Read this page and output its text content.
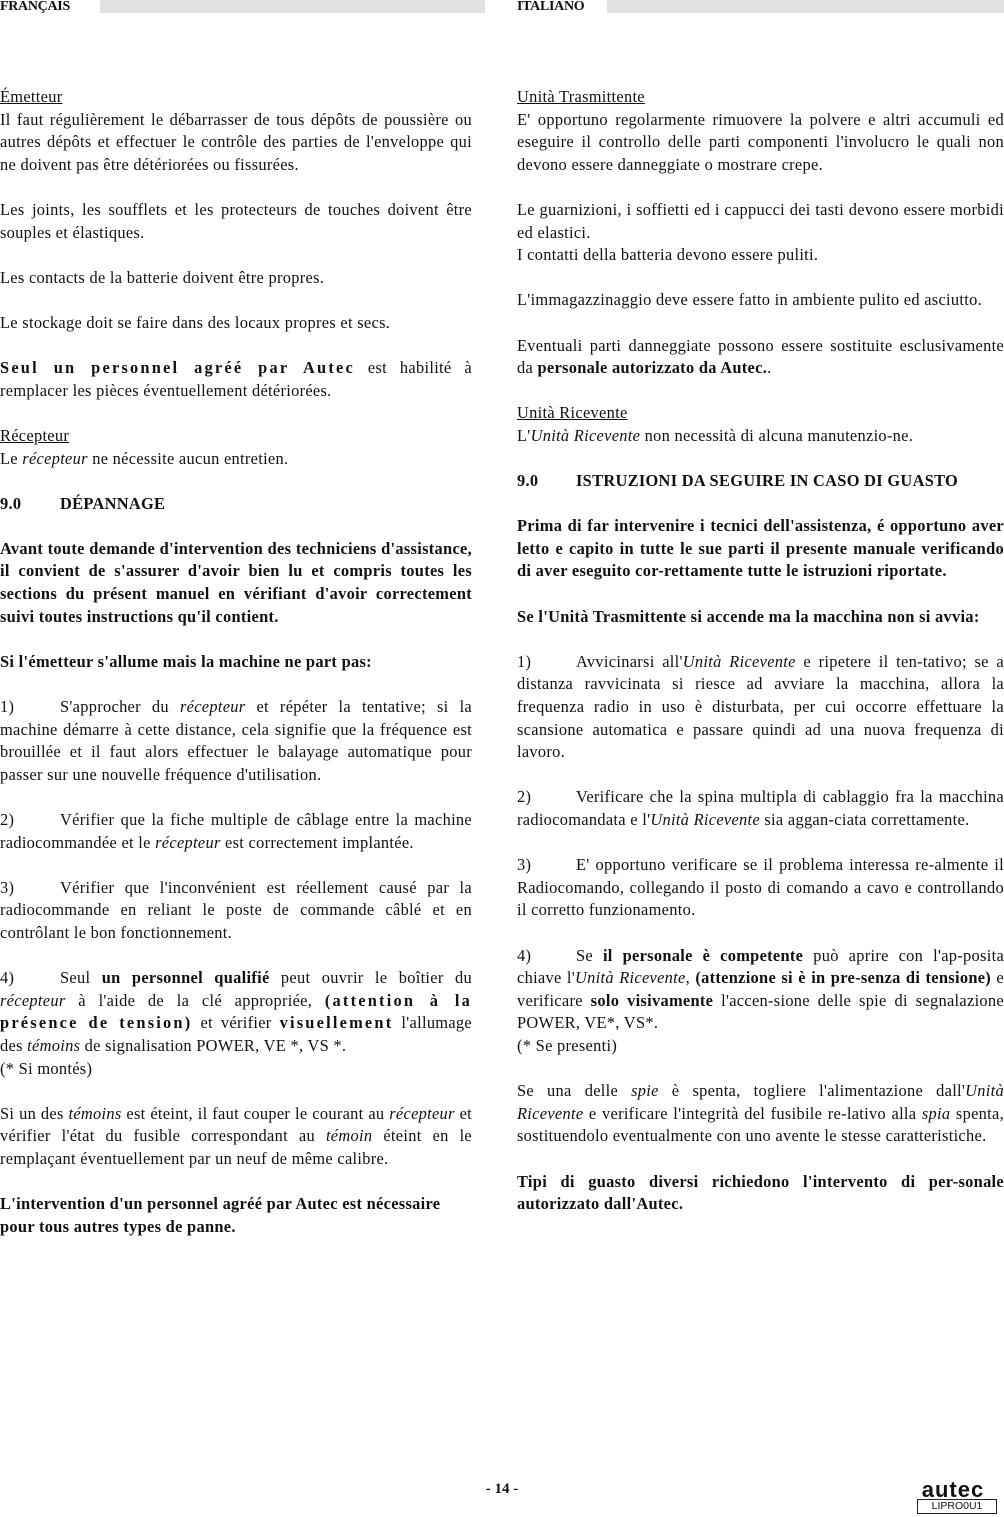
FRANÇAIS	ITALIANO

Émetteur

Il faut régulièrement le débarrasser de tous dépôts de poussière ou autres dépôts et effectuer le contrôle des parties de l'enveloppe qui ne doivent pas être détériorées ou fissurées.

Les joints, les soufflets et les protecteurs de touches doivent être souples et élastiques.

Les contacts de la batterie doivent être propres.

Le stockage doit se faire dans des locaux propres et secs.

Seul un personnel agréé par Autec est habilité à remplacer les pièces éventuellement détériorées.

Récepteur

Le récepteur ne nécessite aucun entretien.

9.0	DÉPANNAGE

Avant toute demande d'intervention des techniciens d'assistance, il convient de s'assurer d'avoir bien lu et compris toutes les sections du présent manuel en vérifiant d'avoir correctement suivi toutes instructions qu'il contient.

Si l'émetteur s'allume mais la machine ne part pas:

1)	S'approcher du récepteur et répéter la tentative; si la machine démarre à cette distance, cela signifie que la fréquence est brouillée et il faut alors effectuer le balayage automatique pour passer sur une nouvelle fréquence d'utilisation.

2)	Vérifier que la fiche multiple de câblage entre la machine radiocommandée et le récepteur est correctement implantée.

3)	Vérifier que l'inconvénient est réellement causé par la radiocommande en reliant le poste de commande câblé et en contrôlant le bon fonctionnement.

4)	Seul un personnel qualifié peut ouvrir le boîtier du récepteur à l'aide de la clé appropriée, (attention à la présence de tension) et vérifier visuellement l'allumage des témoins de signalisation POWER, VE *, VS *.

(* Si montés)

Si un des témoins est éteint, il faut couper le courant au récepteur et vérifier l'état du fusible correspondant au témoin éteint en le remplaçant éventuellement par un neuf de même calibre.

L'intervention d'un personnel agréé par Autec est nécessaire pour tous autres types de panne.

Unità Trasmittente

E' opportuno regolarmente rimuovere la polvere e altri accumuli ed eseguire il controllo delle parti componenti l'involucro le quali non devono essere danneggiate o mostrare crepe.

Le guarnizioni, i soffietti ed i cappucci dei tasti devono essere morbidi ed elastici.

I contatti della batteria devono essere puliti.

L'immagazzinaggio deve essere fatto in ambiente pulito ed asciutto.

Eventuali parti danneggiate possono essere sostituite esclusivamente da personale autorizzato da Autec..

Unità Ricevente

L'Unità Ricevente non necessità di alcuna manutenzio-ne.

9.0	ISTRUZIONI DA SEGUIRE IN CASO DI GUASTO

Prima di far intervenire i tecnici dell'assistenza, é opportuno aver letto e capito in tutte le sue parti il presente manuale verificando di aver eseguito cor-rettamente tutte le istruzioni riportate.

Se l'Unità Trasmittente si accende ma la macchina non si avvia:

1)	Avvicinarsi all'Unità Ricevente e ripetere il ten-tativo; se a distanza ravvicinata si riesce ad avviare la macchina, allora la frequenza radio in uso è disturbata, per cui occorre effettuare la scansione automatica e passare quindi ad una nuova frequenza di lavoro.

2)	Verificare che la spina multipla di cablaggio fra la macchina radiocomandata e l'Unità Ricevente sia aggan-ciata correttamente.

3)	E' opportuno verificare se il problema interessa re-almente il Radiocomando, collegando il posto di comando a cavo e controllando il corretto funzionamento.

4)	Se il personale è competente può aprire con l'ap-posita chiave l'Unità Ricevente, (attenzione si è in pre-senza di tensione) e verificare solo visivamente l'accen-sione delle spie di segnalazione POWER, VE*, VS*.

(* Se presenti)

Se una delle spie è spenta, togliere l'alimentazione dall'Unità Ricevente e verificare l'integrità del fusibile re-lativo alla spia spenta, sostituendolo eventualmente con uno avente le stesse caratteristiche.

Tipi di guasto diversi richiedono l'intervento di per-sonale autorizzato dall'Autec.

- 14 -	autec
LIPRO0U1
